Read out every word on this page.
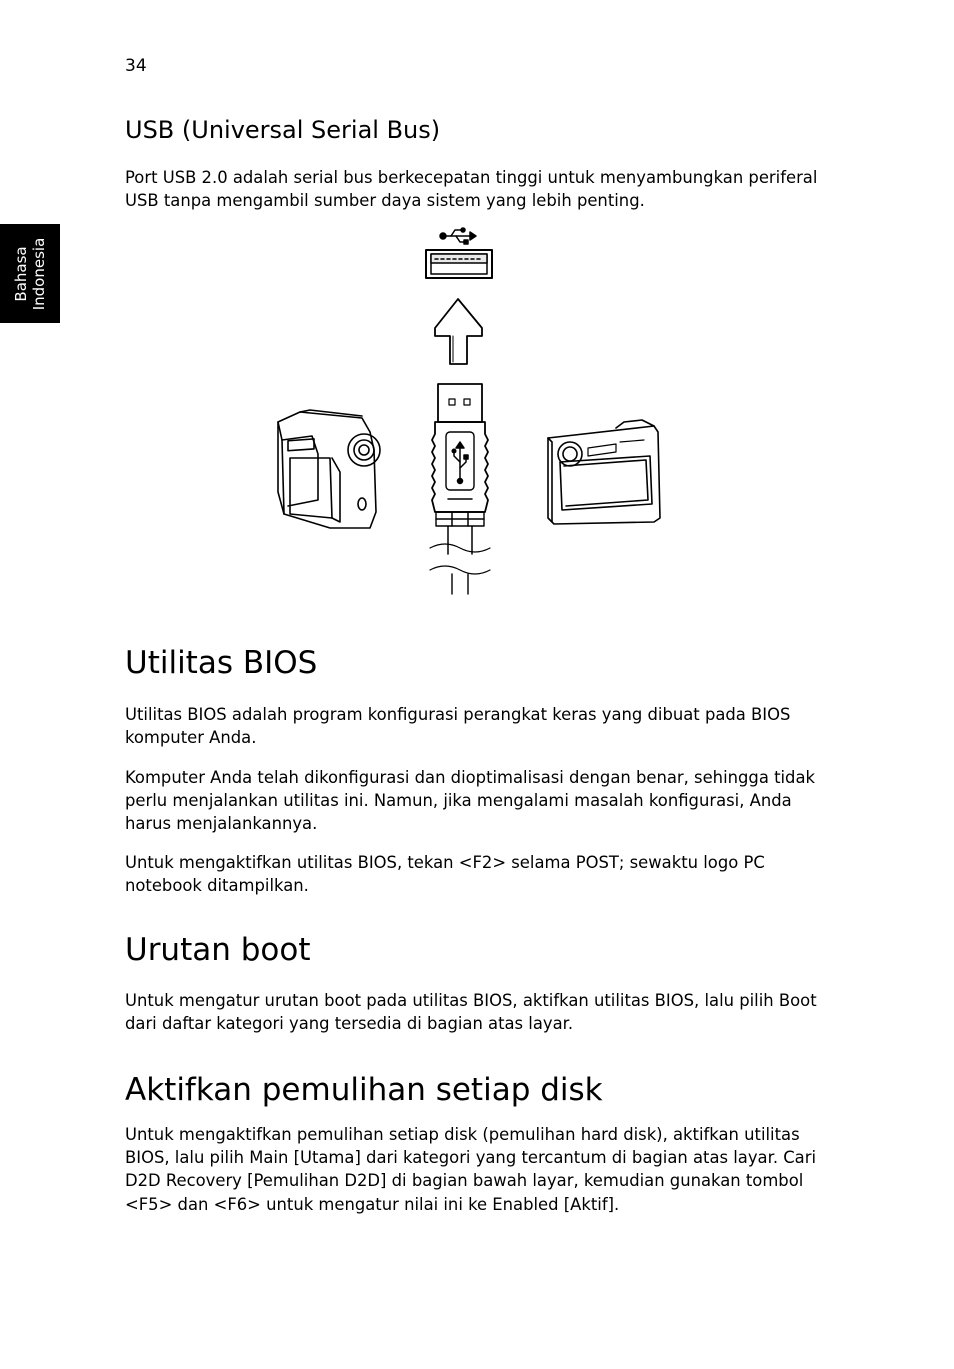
34
Bahasa Indonesia
USB (Universal Serial Bus)

Port USB 2.0 adalah serial bus berkecepatan tinggi untuk menyambungkan periferal USB tanpa mengambil sumber daya sistem yang lebih penting.

Utilitas BIOS

Utilitas BIOS adalah program konfigurasi perangkat keras yang dibuat pada BIOS komputer Anda.

Komputer Anda telah dikonfigurasi dan dioptimalisasi dengan benar, sehingga tidak perlu menjalankan utilitas ini. Namun, jika mengalami masalah konfigurasi, Anda harus menjalankannya.

Untuk mengaktifkan utilitas BIOS, tekan <F2> selama POST; sewaktu logo PC notebook ditampilkan.

Urutan boot

Untuk mengatur urutan boot pada utilitas BIOS, aktifkan utilitas BIOS, lalu pilih Boot dari daftar kategori yang tersedia di bagian atas layar.

Aktifkan pemulihan setiap disk

Untuk mengaktifkan pemulihan setiap disk (pemulihan hard disk), aktifkan utilitas BIOS, lalu pilih Main [Utama] dari kategori yang tercantum di bagian atas layar. Cari D2D Recovery [Pemulihan D2D] di bagian bawah layar, kemudian gunakan tombol <F5> dan <F6> untuk mengatur nilai ini ke Enabled [Aktif].
